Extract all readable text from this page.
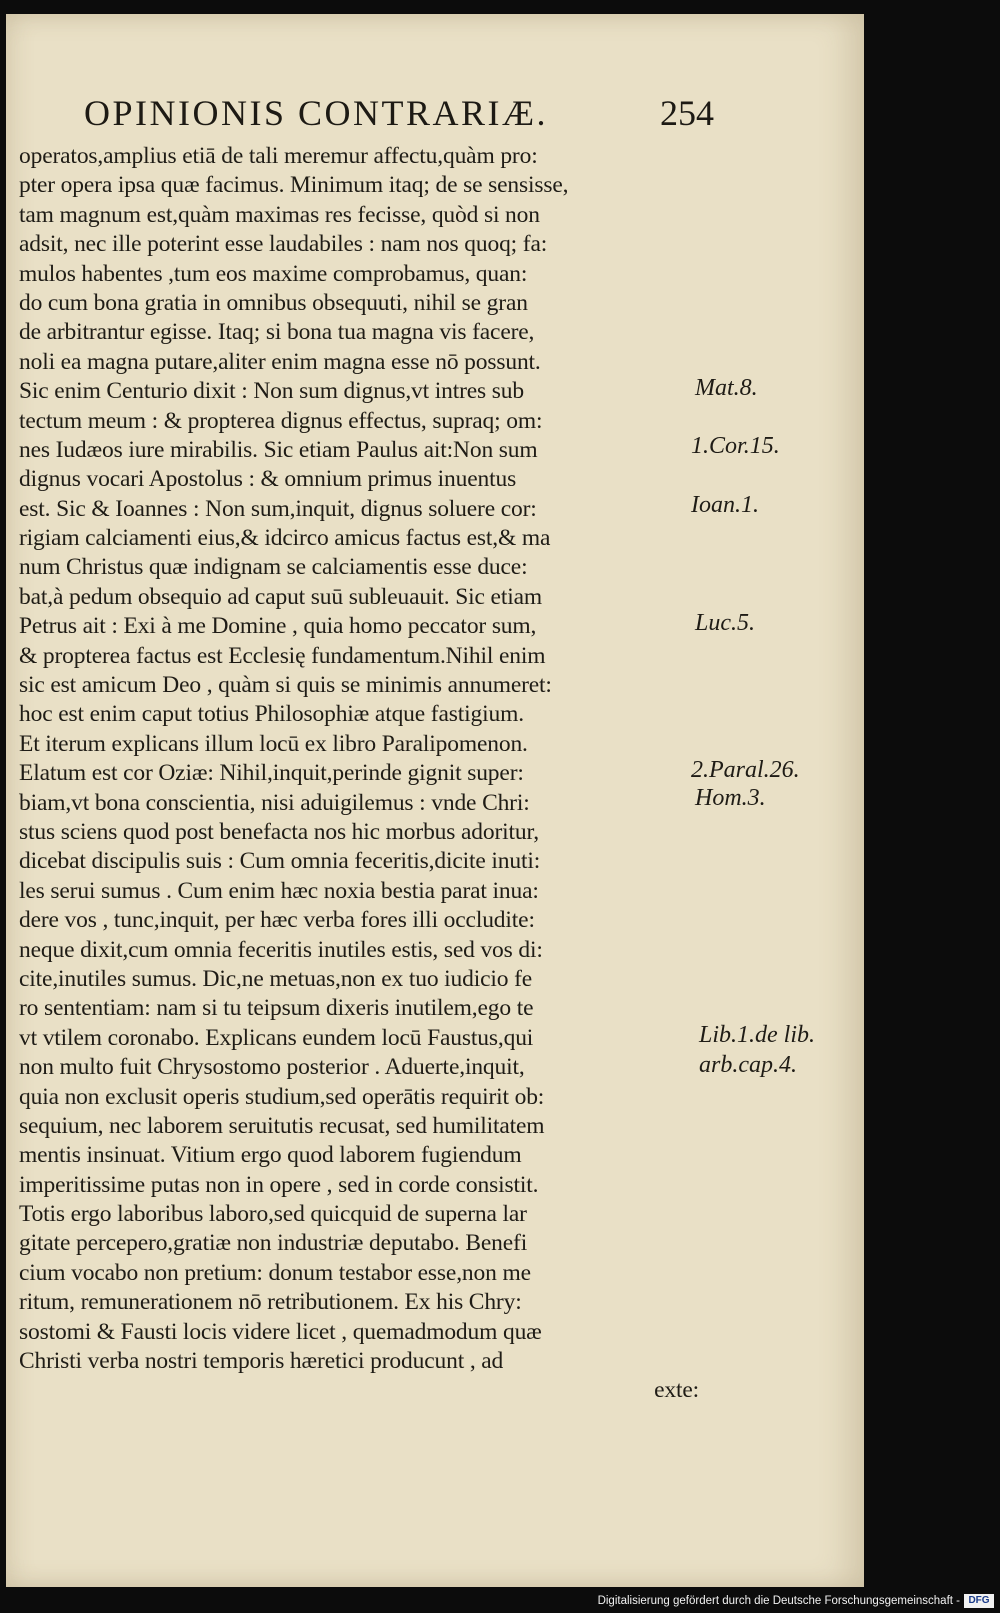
OPINIONIS CONTRARIÆ.	254
operatos,amplius etiā de tali meremur affectu,quàm pro:
pter opera ipsa quæ facimus. Minimum itaq; de se sensisse,
tam magnum est,quàm maximas res fecisse, quòd si non
adsit, nec ille poterint esse laudabiles : nam nos quoq; fa:
mulos habentes ,tum eos maxime comprobamus, quan:
do cum bona gratia in omnibus obsequuti, nihil se gran
de arbitrantur egisse. Itaq; si bona tua magna vis facere,
noli ea magna putare,aliter enim magna esse nō possunt.
Sic enim Centurio dixit : Non sum dignus,vt intres sub
tectum meum : & propterea dignus effectus, supraq; om:
nes Iudæos iure mirabilis. Sic etiam Paulus ait:Non sum
dignus vocari Apostolus : & omnium primus inuentus
est. Sic & Ioannes : Non sum,inquit, dignus soluere cor:
rigiam calciamenti eius,& idcirco amicus factus est,& ma
num Christus quæ indignam se calciamentis esse duce:
bat,à pedum obsequio ad caput suū subleuauit. Sic etiam
Petrus ait : Exi à me Domine , quia homo peccator sum,
& propterea factus est Ecclesię fundamentum.Nihil enim
sic est amicum Deo , quàm si quis se minimis annumeret:
hoc est enim caput totius Philosophiæ atque fastigium.
Et iterum explicans illum locū ex libro Paralipomenon.
Elatum est cor Oziæ: Nihil,inquit,perinde gignit super:
biam,vt bona conscientia, nisi aduigilemus : vnde Chri:
stus sciens quod post benefacta nos hic morbus adoritur,
dicebat discipulis suis : Cum omnia feceritis,dicite inuti:
les serui sumus . Cum enim hæc noxia bestia parat inua:
dere vos , tunc,inquit, per hæc verba fores illi occludite:
neque dixit,cum omnia feceritis inutiles estis, sed vos di:
cite,inutiles sumus. Dic,ne metuas,non ex tuo iudicio fe
ro sententiam: nam si tu teipsum dixeris inutilem,ego te
vt vtilem coronabo. Explicans eundem locū Faustus,qui
non multo fuit Chrysostomo posterior . Aduerte,inquit,
quia non exclusit operis studium,sed operātis requirit ob:
sequium, nec laborem seruitutis recusat, sed humilitatem
mentis insinuat. Vitium ergo quod laborem fugiendum
imperitissime putas non in opere , sed in corde consistit.
Totis ergo laboribus laboro,sed quicquid de superna lar
gitate percepero,gratiæ non industriæ deputabo. Benefi
cium vocabo non pretium: donum testabor esse,non me
ritum, remunerationem nō retributionem. Ex his Chry:
sostomi & Fausti locis videre licet , quemadmodum quæ
Christi verba nostri temporis hæretici producunt , ad
exte:
Mat.8.
1.Cor.15.
Ioan.1.
Luc.5.
2.Paral.26.
Hom.3.
Lib.1.de lib.
arb.cap.4.
Digitalisierung gefördert durch die Deutsche Forschungsgemeinschaft - DFG
